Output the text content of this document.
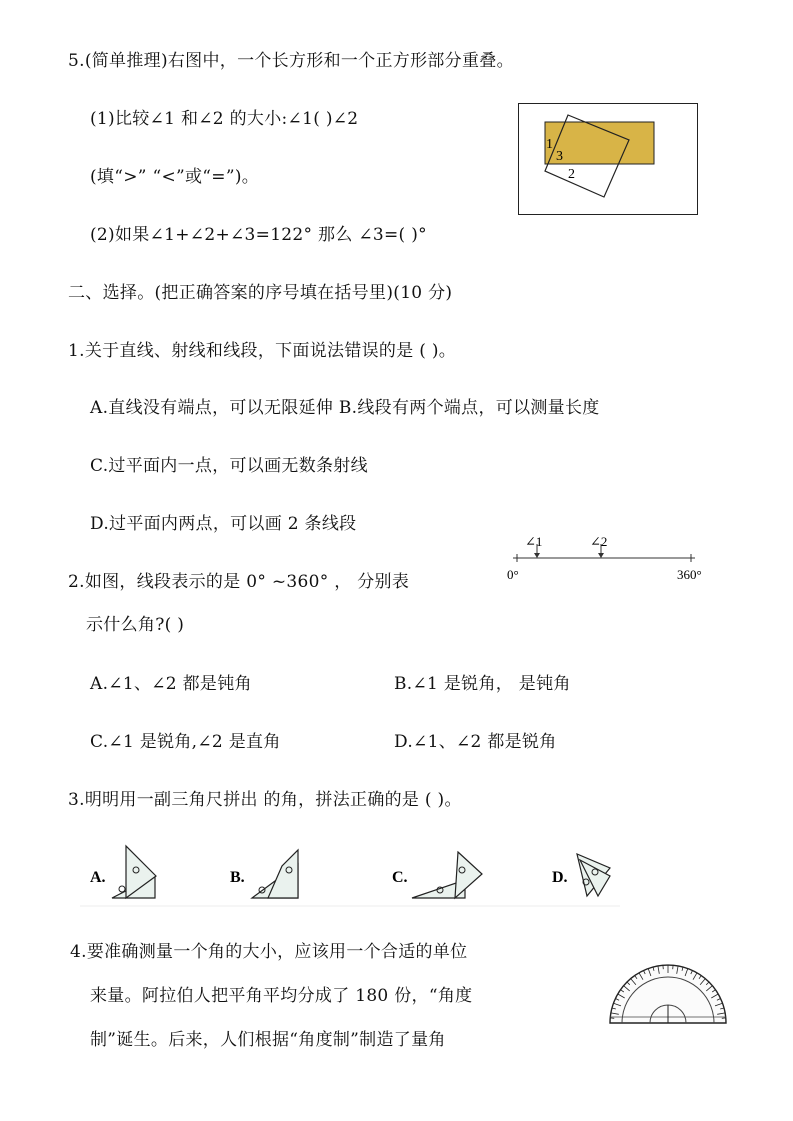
5.(简单推理)右图中，一个长方形和一个正方形部分重叠。
(1)比较∠1 和∠2 的大小:∠1( )∠2
(填“>” “<”或“=”)。
(2)如果∠1+∠2+∠3=122° 那么 ∠3=( )°
1
3
2
二、选择。(把正确答案的序号填在括号里)(10 分)
1.关于直线、射线和线段，下面说法错误的是 ( )。
A.直线没有端点，可以无限延伸 B.线段有两个端点，可以测量长度
C.过平面内一点，可以画无数条射线
D.过平面内两点，可以画 2 条线段
2.如图，线段表示的是 0° ~360° ， 分别表
示什么角?( )
∠1	∠2
0°	360°
A.∠1、∠2 都是钝角	B.∠1 是锐角， 是钝角
C.∠1 是锐角,∠2 是直角	D.∠1、∠2 都是锐角
3.明明用一副三角尺拼出 的角，拼法正确的是 ( )。
A.	B.	C.	D.
4.要准确测量一个角的大小，应该用一个合适的单位
来量。阿拉伯人把平角平均分成了 180 份，“角度
制”诞生。后来，人们根据“角度制”制造了量角
